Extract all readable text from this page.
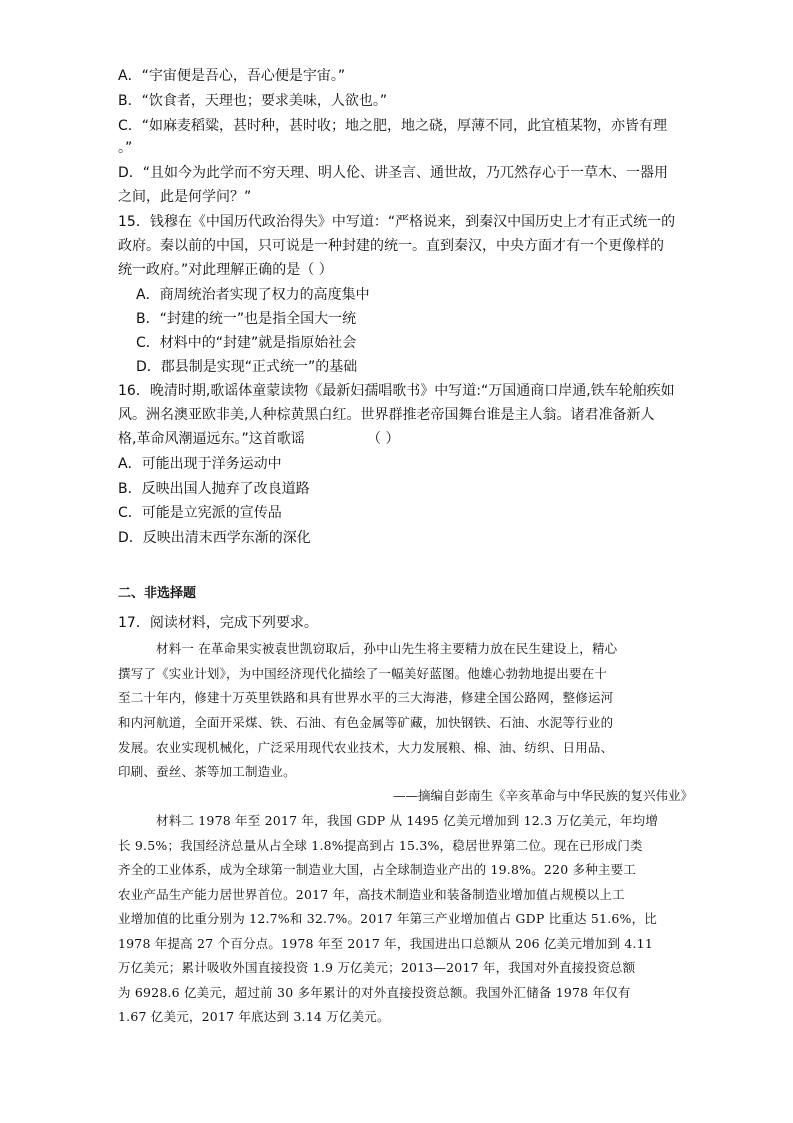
A．“宇宙便是吾心，吾心便是宇宙。”
B．“饮食者，天理也；要求美味，人欲也。”
C．“如麻麦稻粱，甚时种，甚时收；地之肥，地之硗，厚薄不同，此宜植某物，亦皆有理
。”
D．“且如今为此学而不穷天理、明人伦、讲圣言、通世故，乃兀然存心于一草木、一器用
之间，此是何学问？”
15．钱穆在《中国历代政治得失》中写道：“严格说来，到秦汉中国历史上才有正式统一的
政府。秦以前的中国，只可说是一种封建的统一。直到秦汉，中央方面才有一个更像样的
统一政府。”对此理解正确的是（ ）
A．商周统治者实现了权力的高度集中
B．“封建的统一”也是指全国大一统
C．材料中的“封建”就是指原始社会
D．郡县制是实现“正式统一”的基础
16．晚清时期,歌谣体童蒙读物《最新妇孺唱歌书》中写道:“万国通商口岸通,铁车轮舶疾如
风。洲名澳亚欧非美,人种棕黄黑白红。世界群推老帝国舞台谁是主人翁。诸君准备新人
格,革命风潮逼远东。”这首歌谣	（ ）
A．可能出现于洋务运动中
B．反映出国人抛弃了改良道路
C．可能是立宪派的宣传品
D．反映出清末西学东渐的深化
二、非选择题
17．阅读材料，完成下列要求。
材料一 在革命果实被袁世凯窃取后，孙中山先生将主要精力放在民生建设上，精心
撰写了《实业计划》，为中国经济现代化描绘了一幅美好蓝图。他雄心勃勃地提出要在十
至二十年内，修建十万英里铁路和具有世界水平的三大海港，修建全国公路网，整修运河
和内河航道，全面开采煤、铁、石油、有色金属等矿藏，加快钢铁、石油、水泥等行业的
发展。农业实现机械化，广泛采用现代农业技术，大力发展粮、棉、油、纺织、日用品、
印刷、蚕丝、茶等加工制造业。
——摘编自彭南生《辛亥革命与中华民族的复兴伟业》
材料二 1978 年至 2017 年，我国 GDP 从 1495 亿美元增加到 12.3 万亿美元，年均增
长 9.5%；我国经济总量从占全球 1.8%提高到占 15.3%，稳居世界第二位。现在已形成门类
齐全的工业体系，成为全球第一制造业大国，占全球制造业产出的 19.8%。220 多种主要工
农业产品生产能力居世界首位。2017 年，高技术制造业和装备制造业增加值占规模以上工
业增加值的比重分别为 12.7%和 32.7%。2017 年第三产业增加值占 GDP 比重达 51.6%，比
1978 年提高 27 个百分点。1978 年至 2017 年，我国进出口总额从 206 亿美元增加到 4.11
万亿美元；累计吸收外国直接投资 1.9 万亿美元；2013—2017 年，我国对外直接投资总额
为 6928.6 亿美元，超过前 30 多年累计的对外直接投资总额。我国外汇储备 1978 年仅有
1.67 亿美元，2017 年底达到 3.14 万亿美元。
